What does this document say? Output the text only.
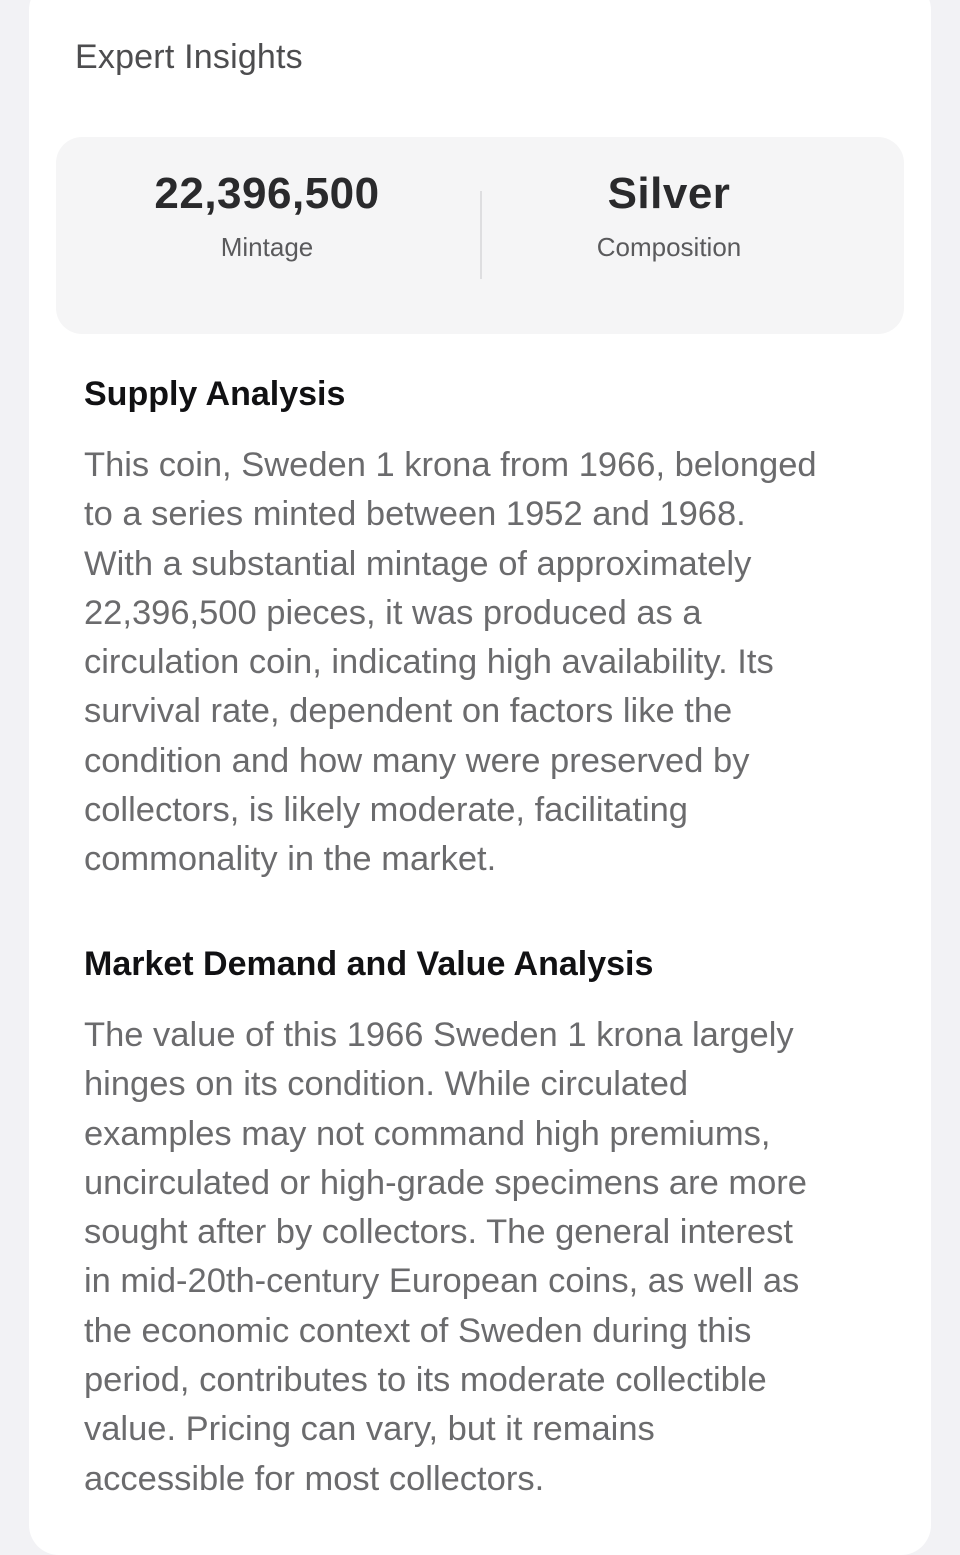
Expert Insights
22,396,500
Mintage
Silver
Composition
Supply Analysis

This coin, Sweden 1 krona from 1966, belonged
to a series minted between 1952 and 1968.
With a substantial mintage of approximately
22,396,500 pieces, it was produced as a
circulation coin, indicating high availability. Its
survival rate, dependent on factors like the
condition and how many were preserved by
collectors, is likely moderate, facilitating
commonality in the market.

Market Demand and Value Analysis

The value of this 1966 Sweden 1 krona largely
hinges on its condition. While circulated
examples may not command high premiums,
uncirculated or high-grade specimens are more
sought after by collectors. The general interest
in mid-20th-century European coins, as well as
the economic context of Sweden during this
period, contributes to its moderate collectible
value. Pricing can vary, but it remains
accessible for most collectors.
